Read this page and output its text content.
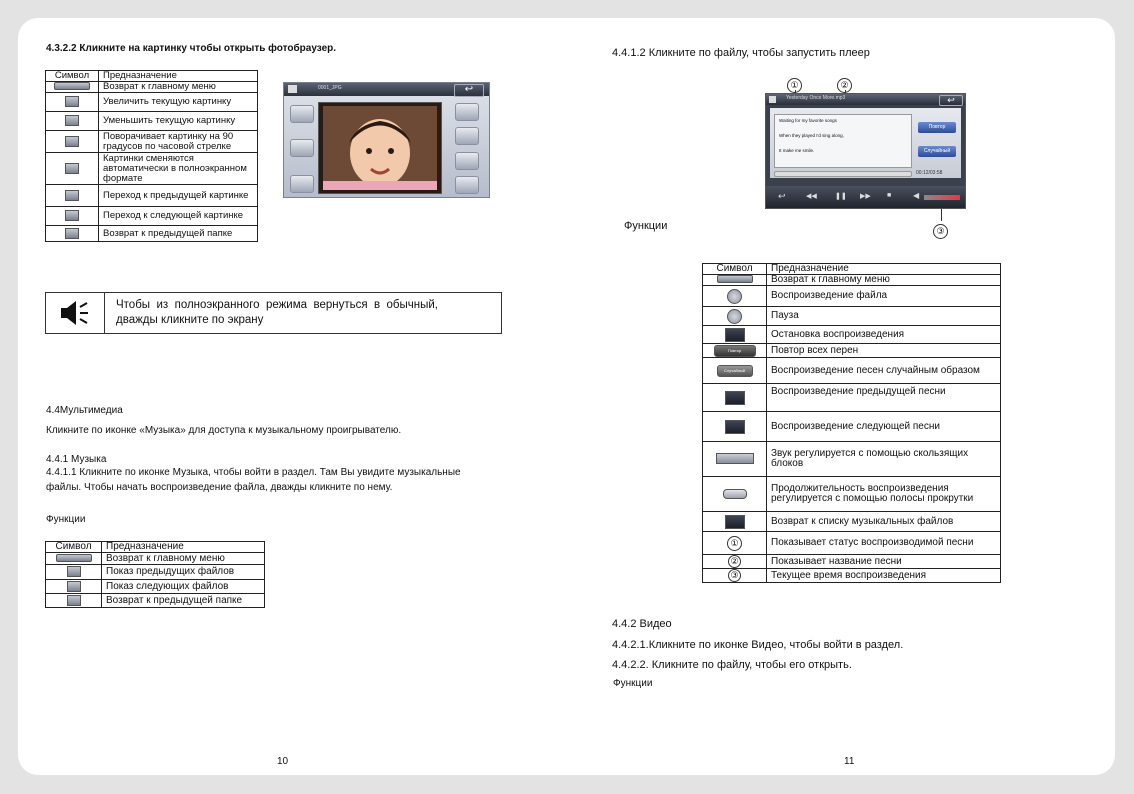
4.3.2.2 Кликните на картинку чтобы открыть фотобраузер.
Символ	Предназначение
	Возврат к главному меню
	Увеличить текущую картинку
	Уменьшить текущую картинку
	Поворачивает картинку на 90 градусов по часовой стрелке
	Картинки сменяются автоматически в полноэкранном формате
	Переход к предыдущей картинке
	Переход к следующей картинке
	Возврат к предыдущей папке
0001_JPG	↩
Чтобы из полноэкранного режима вернуться в обычный, дважды кликните по экрану
4.4Мультимедиа
Кликните по иконке «Музыка» для доступа к музыкальному проигрывателю.
4.4.1 Музыка
4.4.1.1 Кликните по иконке Музыка, чтобы войти в раздел. Там Вы увидите музыкальные
файлы. Чтобы начать воспроизведение файла, дважды кликните по нему.
Функции
Символ	Предназначение
	Возврат к главному меню
	Показ предыдущих файлов
	Показ следующих файлов
	Возврат к предыдущей папке
10
4.4.1.2 Кликните по файлу, чтобы запустить плеер
①	②
③
Yesterday Once More.mp3	↩
Waiting for my favorite songs
When they played I'd sing along,
It make me smile.
Повтор
Случайный
00:12/03:58
↩	◀◀	❚❚ ▶▶ ■	◀
Функции
Символ	Предназначение
	Возврат к главному меню
	Воспроизведение файла
	Пауза
	Остановка воспроизведения
Повтор	Повтор всех перен
Случайный	Воспроизведение песен случайным образом
	Воспроизведение предыдущей песни
	Воспроизведение следующей песни
	Звук регулируется с помощью скользящих блоков
	Продолжительность воспроизведения регулируется с помощью полосы прокрутки
	Возврат к списку музыкальных файлов
①	Показывает статус воспроизводимой песни
②	Показывает название песни
③	Текущее время воспроизведения
4.4.2 Видео
4.4.2.1.Кликните по иконке Видео, чтобы войти в раздел.
4.4.2.2. Кликните по файлу, чтобы его открыть.
Функции
11
